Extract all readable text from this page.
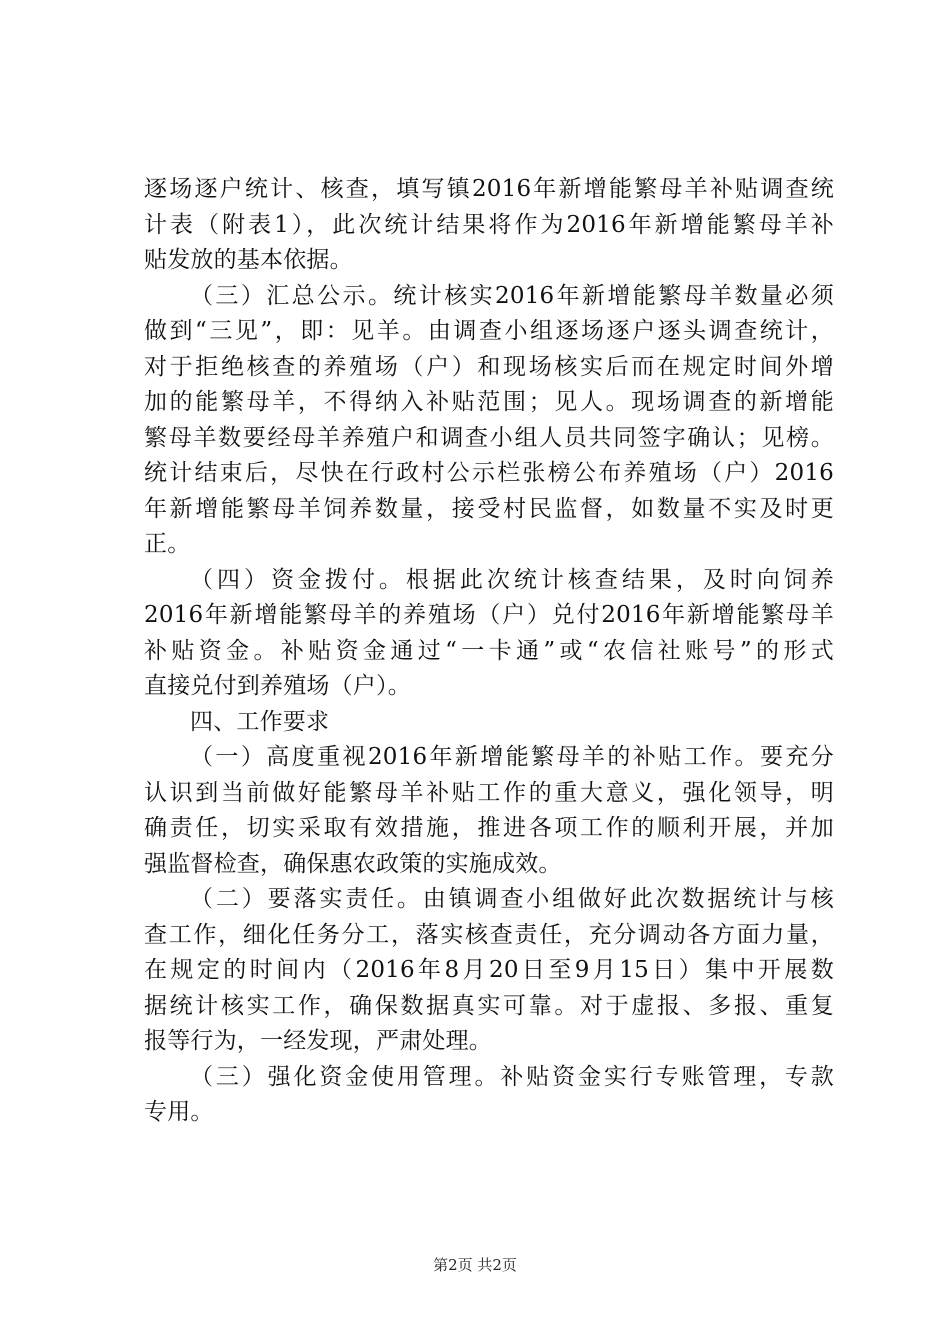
逐场逐户统计、核查，填写镇2016年新增能繁母羊补贴调查统
计表（附表1），此次统计结果将作为2016年新增能繁母羊补
贴发放的基本依据。
（三）汇总公示。统计核实2016年新增能繁母羊数量必须
做到“三见”，即：见羊。由调查小组逐场逐户逐头调查统计，
对于拒绝核查的养殖场（户）和现场核实后而在规定时间外增
加的能繁母羊，不得纳入补贴范围；见人。现场调查的新增能
繁母羊数要经母羊养殖户和调查小组人员共同签字确认；见榜。
统计结束后，尽快在行政村公示栏张榜公布养殖场（户）2016
年新增能繁母羊饲养数量，接受村民监督，如数量不实及时更
正。
（四）资金拨付。根据此次统计核查结果，及时向饲养
2016年新增能繁母羊的养殖场（户）兑付2016年新增能繁母羊
补贴资金。补贴资金通过“一卡通”或“农信社账号”的形式
直接兑付到养殖场（户）。
四、工作要求
（一）高度重视2016年新增能繁母羊的补贴工作。要充分
认识到当前做好能繁母羊补贴工作的重大意义，强化领导，明
确责任，切实采取有效措施，推进各项工作的顺利开展，并加
强监督检查，确保惠农政策的实施成效。
（二）要落实责任。由镇调查小组做好此次数据统计与核
查工作，细化任务分工，落实核查责任，充分调动各方面力量，
在规定的时间内（2016年8月20日至9月15日）集中开展数
据统计核实工作，确保数据真实可靠。对于虚报、多报、重复
报等行为，一经发现，严肃处理。
（三）强化资金使用管理。补贴资金实行专账管理，专款
专用。
第2页 共2页
